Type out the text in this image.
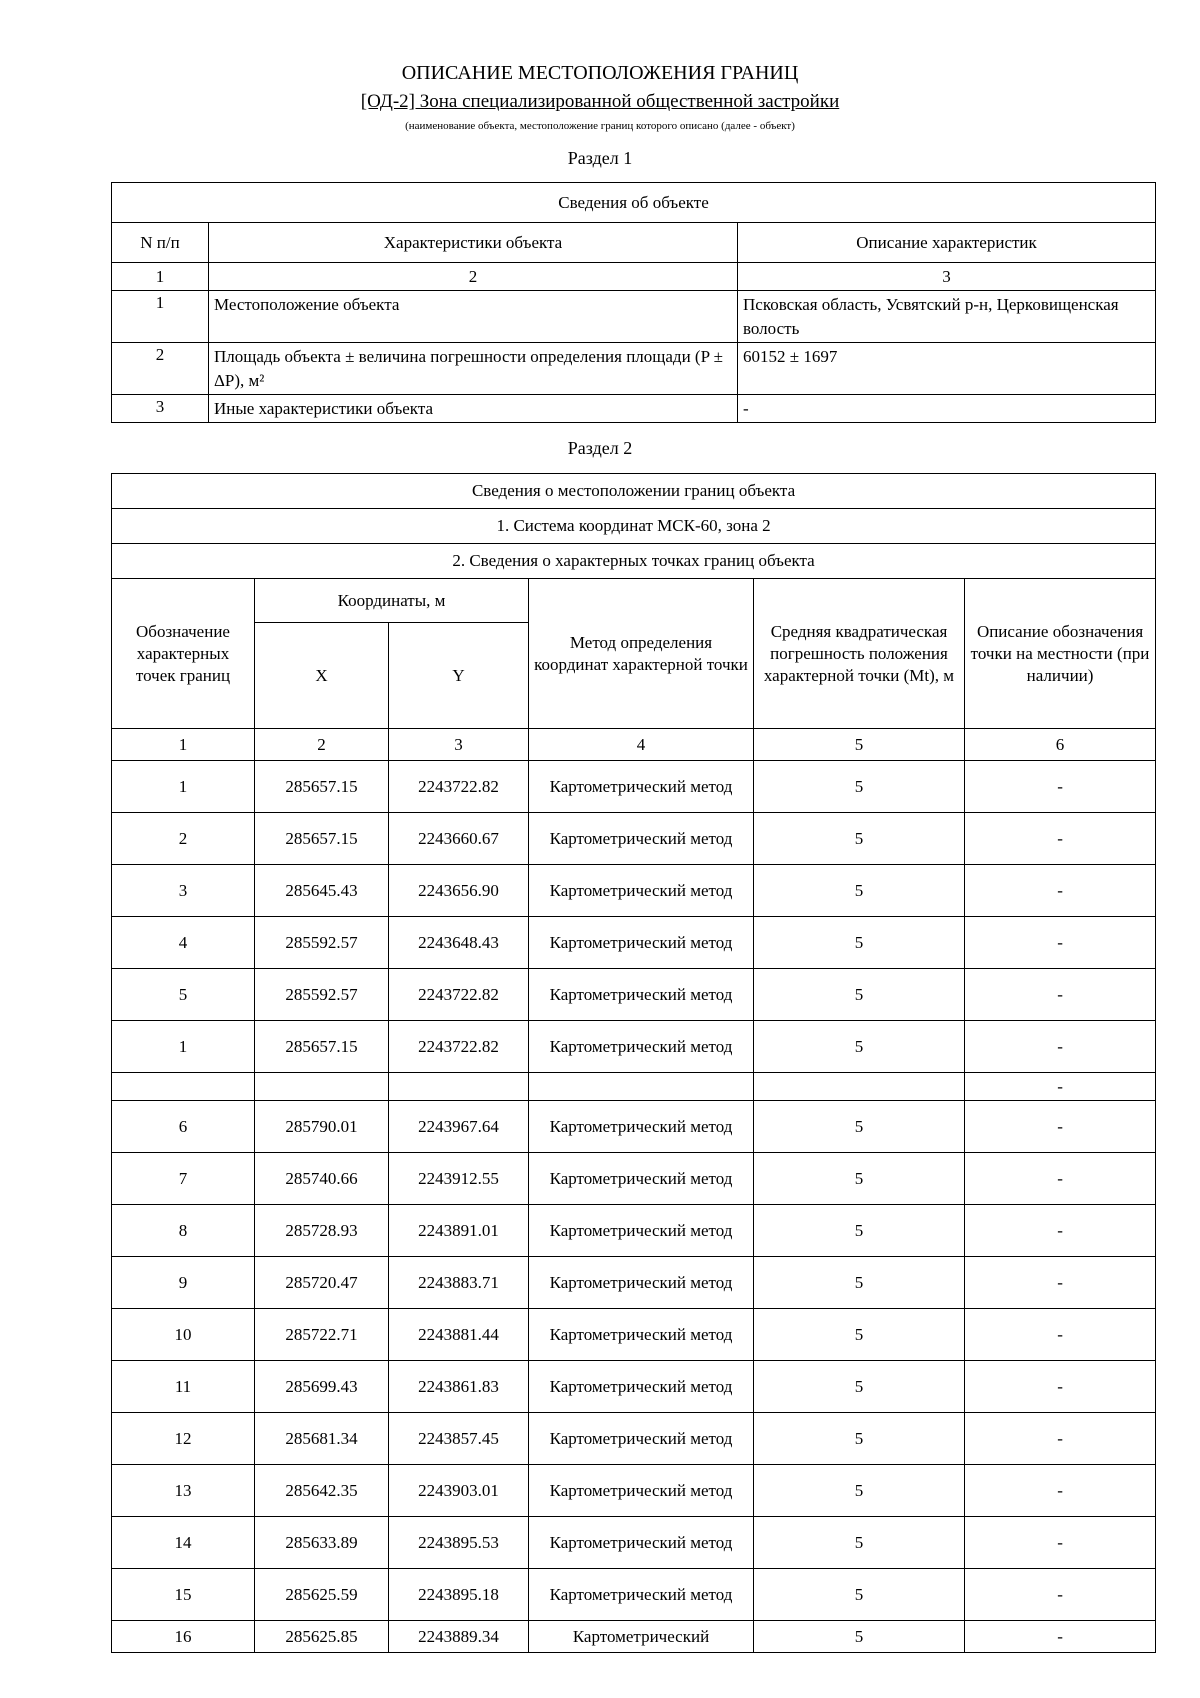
ОПИСАНИЕ МЕСТОПОЛОЖЕНИЯ ГРАНИЦ
[ОД-2] Зона специализированной общественной застройки
(наименование объекта, местоположение границ которого описано (далее - объект)
Раздел 1
Сведения об объекте		
N п/п	Характеристики объекта	Описание характеристик
1	2	3
1	Местоположение объекта	Псковская область, Усвятский р-н, Церковищенская волость
2	Площадь объекта ± величина погрешности определения площади (P ± ΔP), м²	60152 ± 1697
3	Иные характеристики объекта	-
Раздел 2
Сведения о местоположении границ объекта					
1. Система координат МСК-60, зона 2					
2. Сведения о характерных точках границ объекта					
Обозначение характерных точек границ	Координаты, м		Метод определения координат характерной точки	Средняя квадратическая погрешность положения характерной точки (Mt), м	Описание обозначения точки на местности (при наличии)
	X	Y			
1	2	3	4	5	6
1	285657.15	2243722.82	Картометрический метод	5	-
2	285657.15	2243660.67	Картометрический метод	5	-
3	285645.43	2243656.90	Картометрический метод	5	-
4	285592.57	2243648.43	Картометрический метод	5	-
5	285592.57	2243722.82	Картометрический метод	5	-
1	285657.15	2243722.82	Картометрический метод	5	-
					-
6	285790.01	2243967.64	Картометрический метод	5	-
7	285740.66	2243912.55	Картометрический метод	5	-
8	285728.93	2243891.01	Картометрический метод	5	-
9	285720.47	2243883.71	Картометрический метод	5	-
10	285722.71	2243881.44	Картометрический метод	5	-
11	285699.43	2243861.83	Картометрический метод	5	-
12	285681.34	2243857.45	Картометрический метод	5	-
13	285642.35	2243903.01	Картометрический метод	5	-
14	285633.89	2243895.53	Картометрический метод	5	-
15	285625.59	2243895.18	Картометрический метод	5	-
16	285625.85	2243889.34	Картометрический	5	-
